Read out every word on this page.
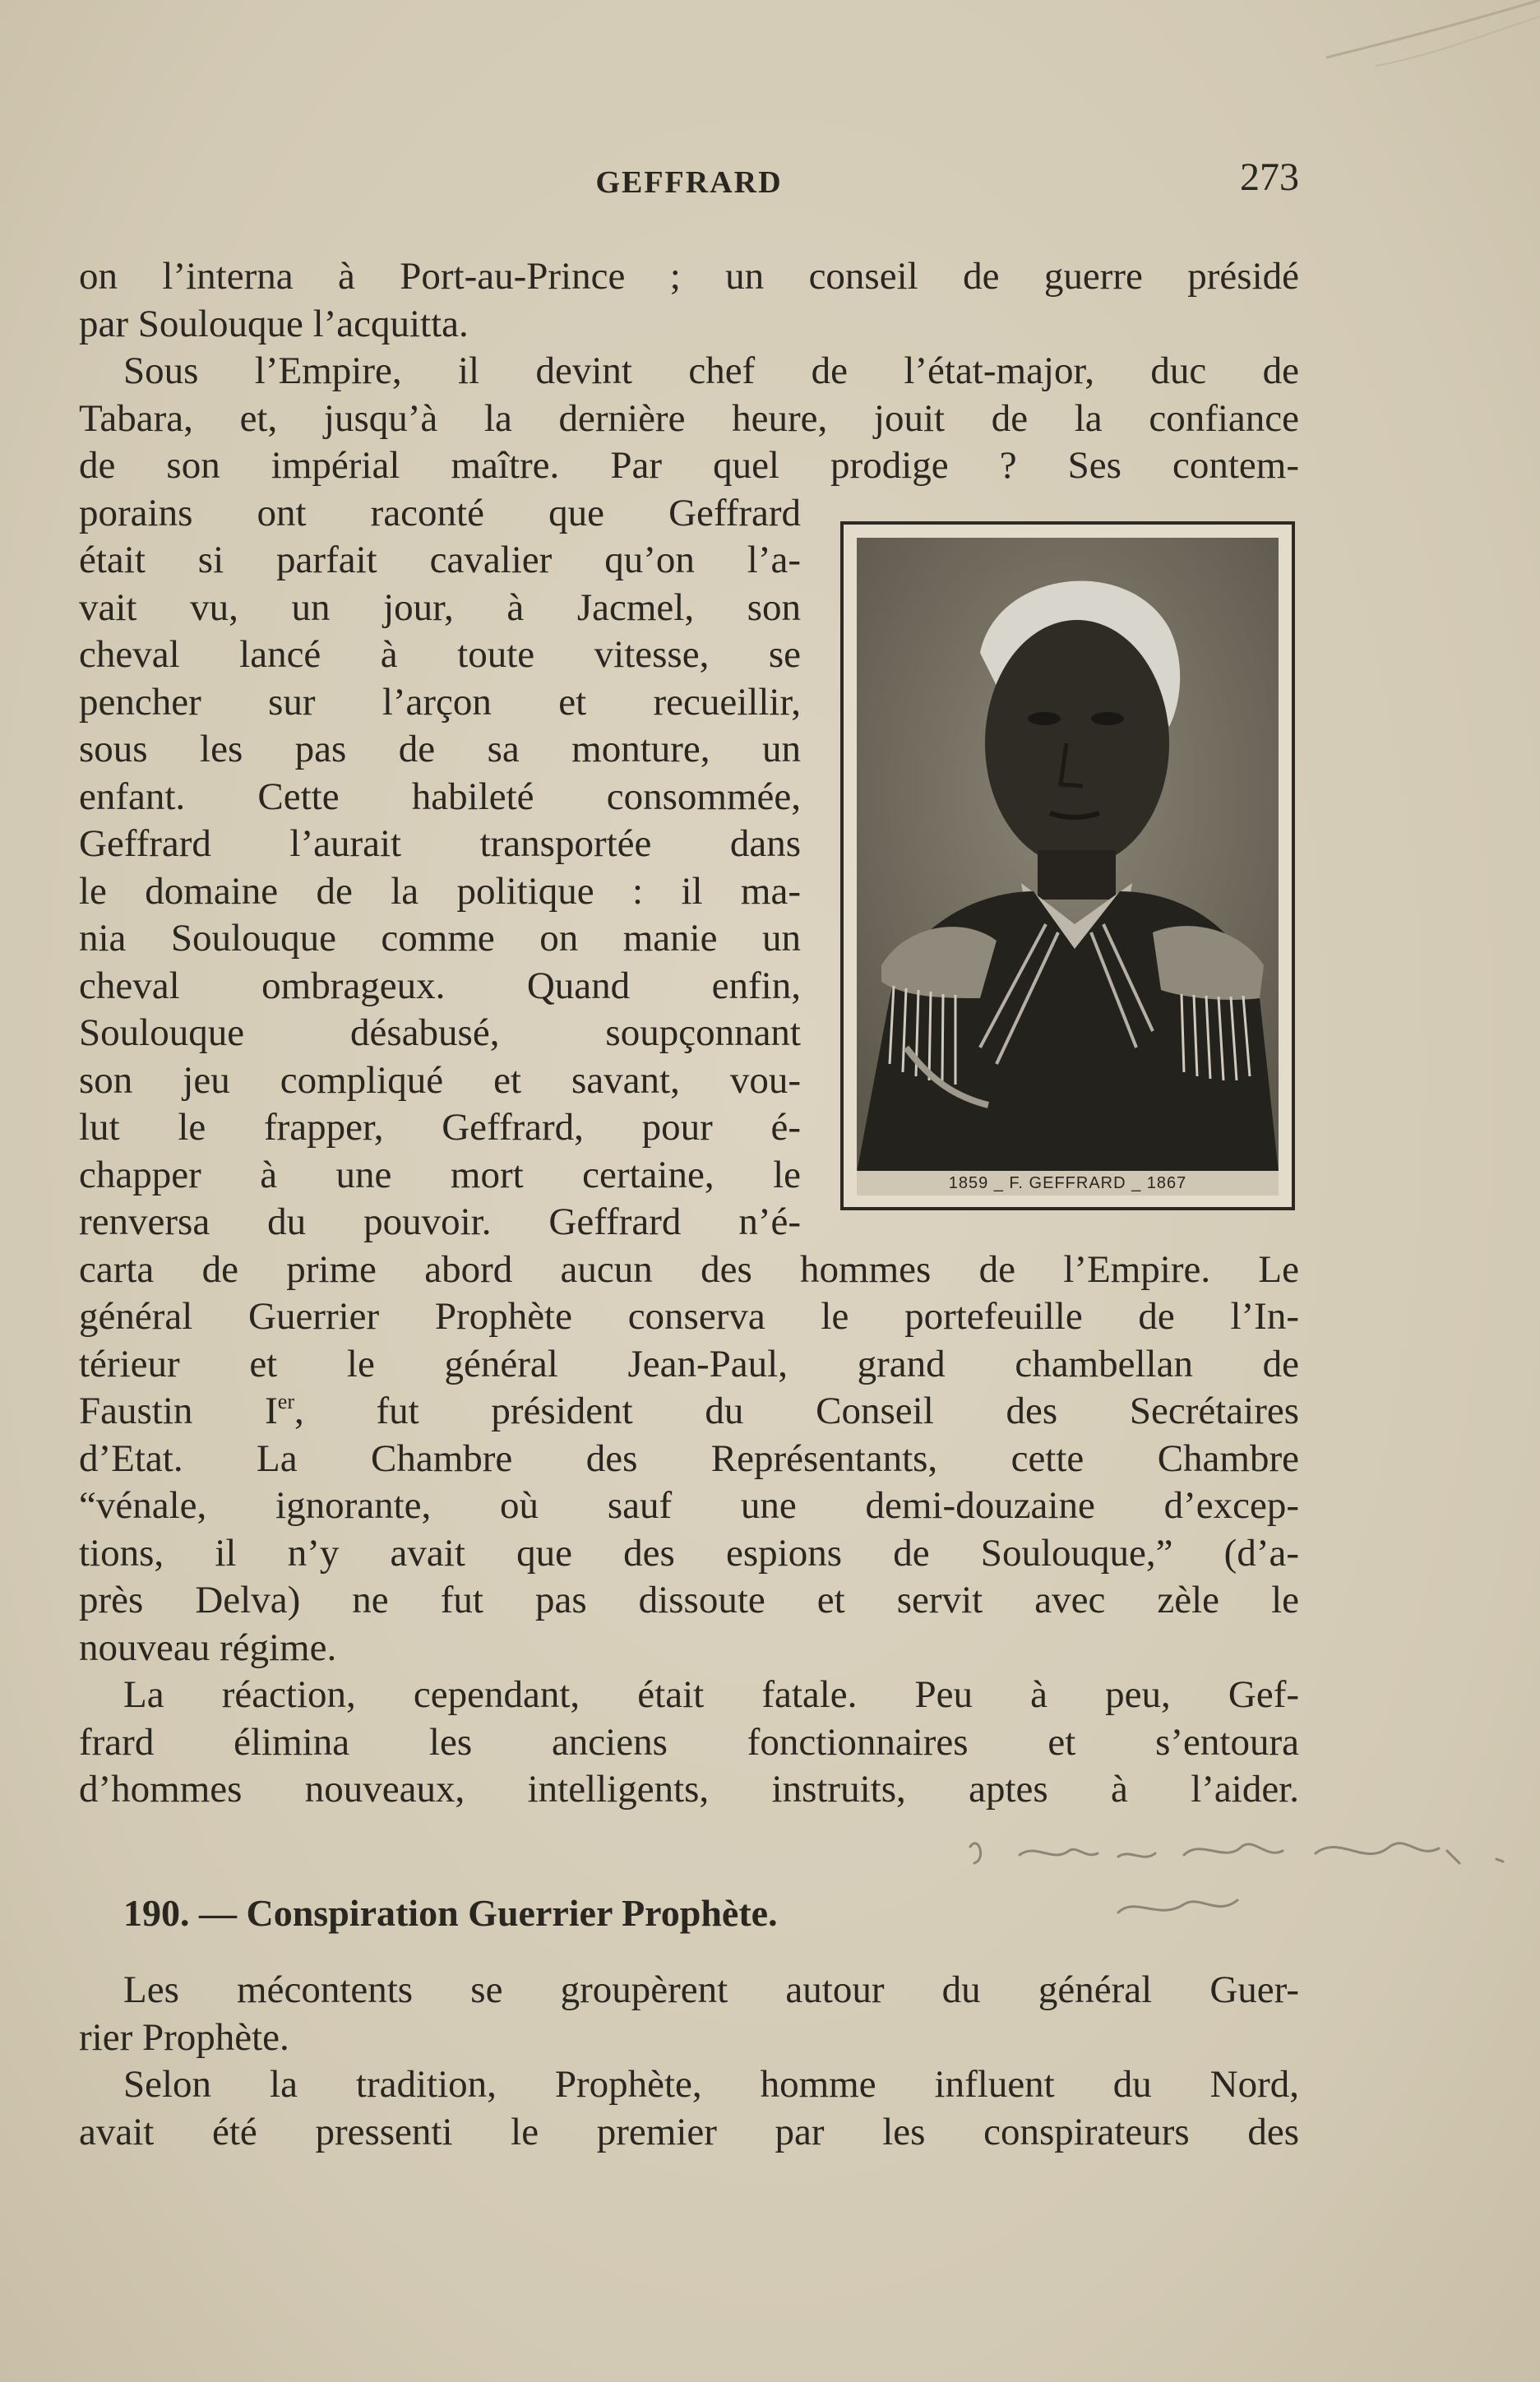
GEFFRARD	273
on l’interna à Port-au-Prince ; un conseil de guerre présidé
par Soulouque l’acquitta.
Sous l’Empire, il devint chef de l’état-major, duc de
Tabara, et, jusqu’à la dernière heure, jouit de la confiance
de son impérial maître. Par quel prodige ? Ses contem-
porains ont raconté que Geffrard
était si parfait cavalier qu’on l’a-
vait vu, un jour, à Jacmel, son
cheval lancé à toute vitesse, se
pencher sur l’arçon et recueillir,
sous les pas de sa monture, un
enfant. Cette habileté consommée,
Geffrard l’aurait transportée dans
le domaine de la politique : il ma-
nia Soulouque comme on manie un
cheval ombrageux. Quand enfin,
Soulouque désabusé, soupçonnant
son jeu compliqué et savant, vou-
lut le frapper, Geffrard, pour é-
chapper à une mort certaine, le
renversa du pouvoir. Geffrard n’é-
carta de prime abord aucun des hommes de l’Empire. Le
général Guerrier Prophète conserva le portefeuille de l’In-
térieur et le général Jean-Paul, grand chambellan de
Faustin Ier, fut président du Conseil des Secrétaires
d’Etat. La Chambre des Représentants, cette Chambre
“vénale, ignorante, où sauf une demi-douzaine d’excep-
tions, il n’y avait que des espions de Soulouque,” (d’a-
près Delva) ne fut pas dissoute et servit avec zèle le
nouveau régime.
La réaction, cependant, était fatale. Peu à peu, Gef-
frard élimina les anciens fonctionnaires et s’entoura
d’hommes nouveaux, intelligents, instruits, aptes à l’aider.
1859 _ F. GEFFRARD _ 1867
190. — Conspiration Guerrier Prophète.
Les mécontents se groupèrent autour du général Guer-
rier Prophète.
Selon la tradition, Prophète, homme influent du Nord,
avait été pressenti le premier par les conspirateurs des
